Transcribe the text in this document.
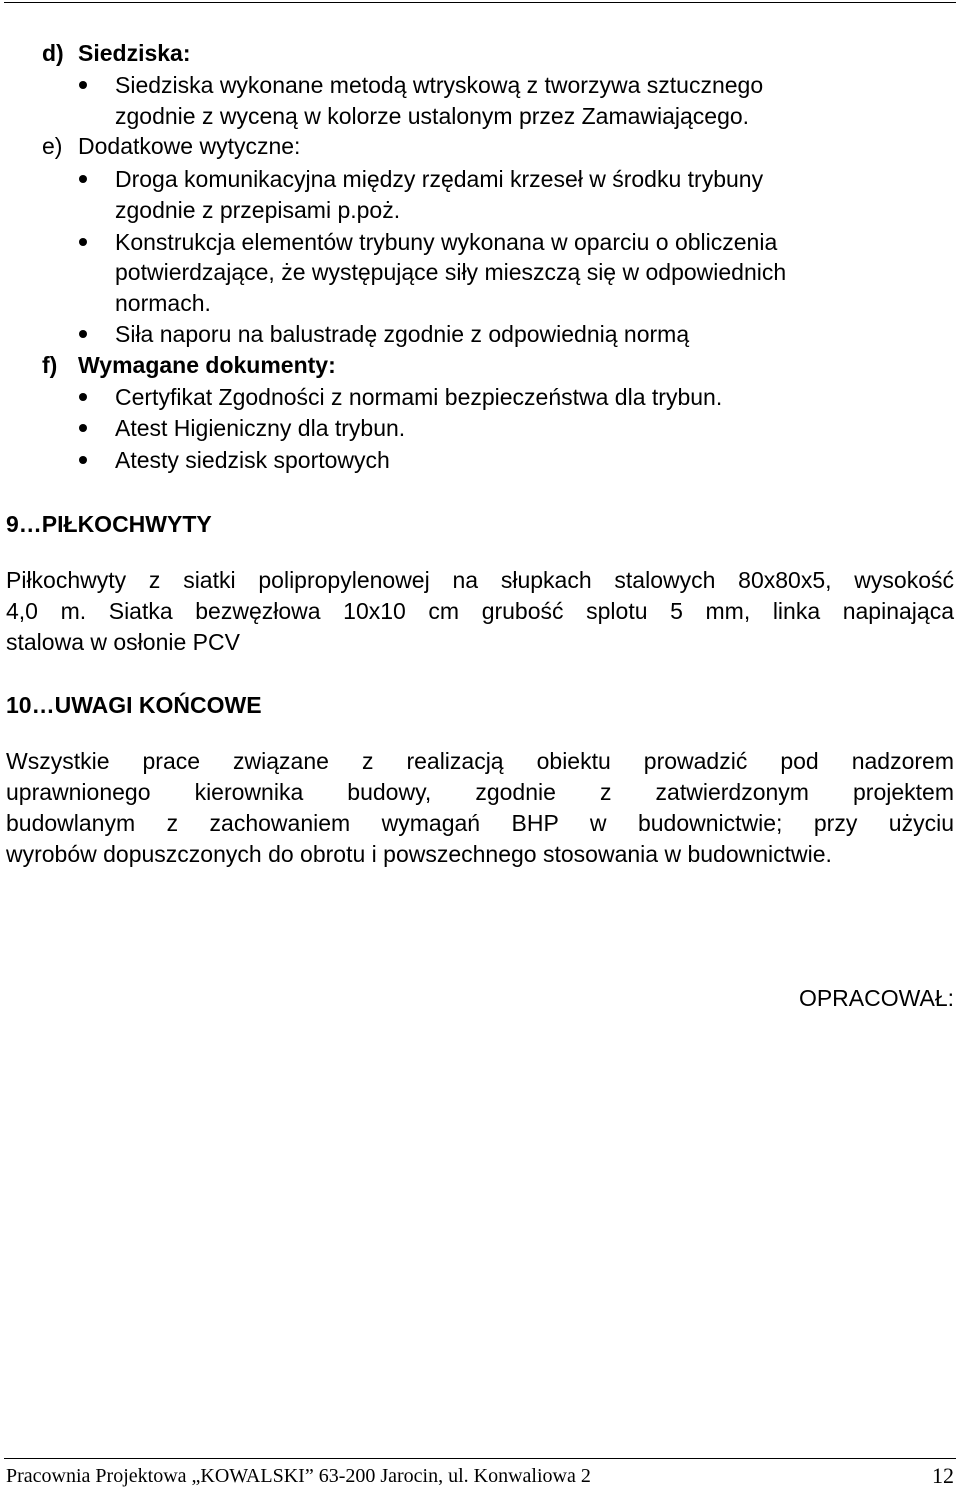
d) Siedziska:
Siedziska wykonane metodą wtryskową z tworzywa sztucznego
zgodnie z wyceną w kolorze ustalonym przez Zamawiającego.
e) Dodatkowe wytyczne:
Droga komunikacyjna między rzędami krzeseł w środku trybuny
zgodnie z przepisami p.poż.
Konstrukcja elementów trybuny wykonana w oparciu o obliczenia
potwierdzające, że występujące siły mieszczą się w odpowiednich
normach.
Siła naporu na balustradę zgodnie z odpowiednią normą
f) Wymagane dokumenty:
Certyfikat Zgodności z normami bezpieczeństwa dla trybun.
Atest Higieniczny dla trybun.
Atesty siedzisk sportowych
9…PIŁKOCHWYTY
Piłkochwyty z siatki polipropylenowej na słupkach stalowych 80x80x5, wysokość
4,0 m. Siatka bezwęzłowa 10x10 cm grubość splotu 5 mm, linka napinająca
stalowa w osłonie PCV
10…UWAGI KOŃCOWE
Wszystkie prace związane z realizacją obiektu prowadzić pod nadzorem
uprawnionego kierownika budowy, zgodnie z zatwierdzonym projektem
budowlanym z zachowaniem wymagań BHP w budownictwie; przy użyciu
wyrobów dopuszczonych do obrotu i powszechnego stosowania w budownictwie.
OPRACOWAŁ:
Pracownia Projektowa „KOWALSKI” 63-200 Jarocin, ul. Konwaliowa 2	12
